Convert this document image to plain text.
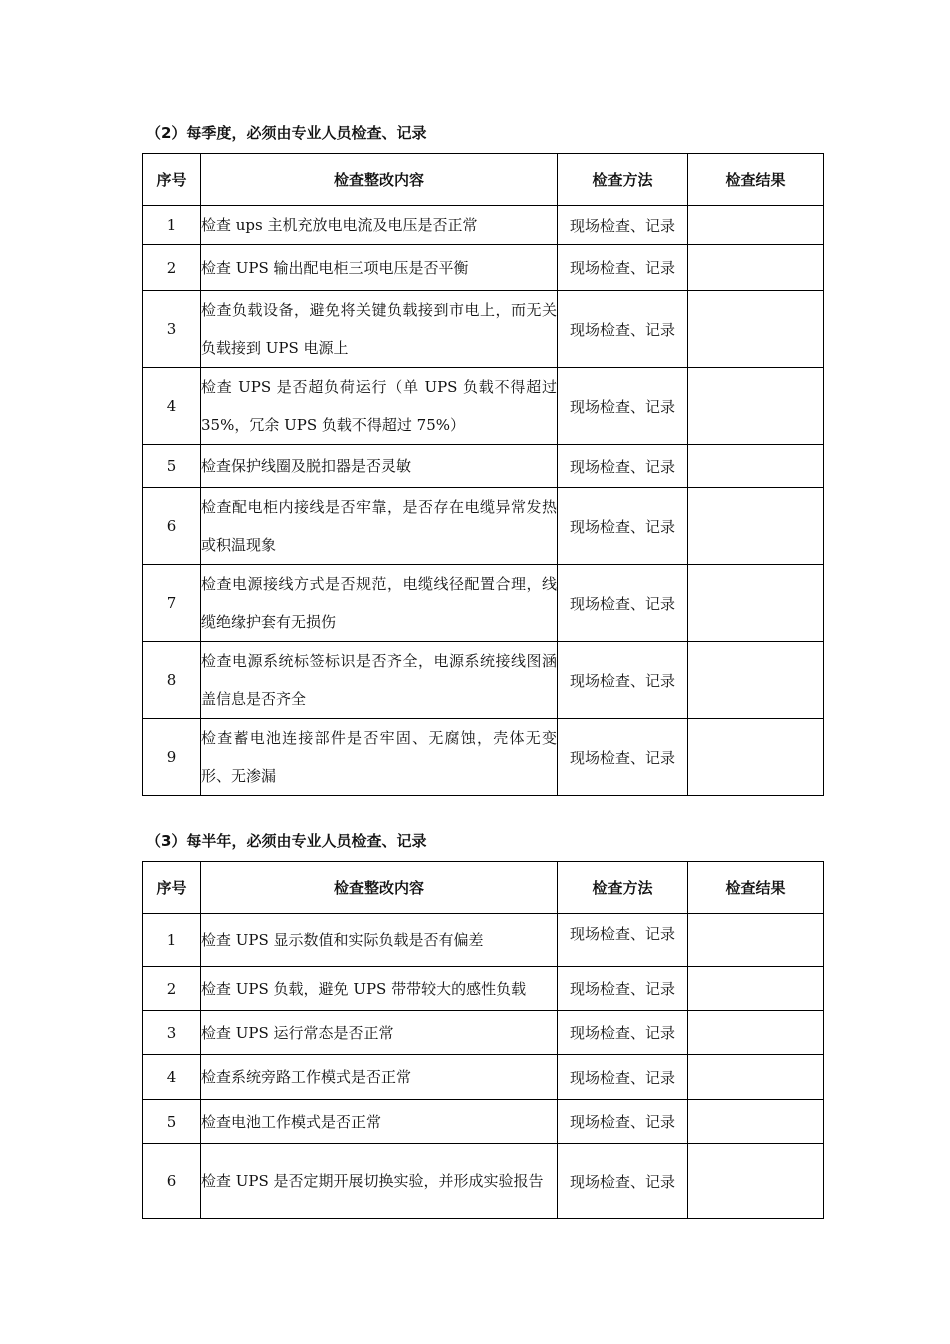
（2）每季度，必须由专业人员检查、记录
序号	检查整改内容	检查方法	检查结果
1	检查 ups 主机充放电电流及电压是否正常	现场检查、记录	
2	检查 UPS 输出配电柜三项电压是否平衡	现场检查、记录	
3	检查负载设备，避免将关键负载接到市电上，而无关负载接到 UPS 电源上	现场检查、记录	
4	检查 UPS 是否超负荷运行（单 UPS 负载不得超过 35%，冗余 UPS 负载不得超过 75%）	现场检查、记录	
5	检查保护线圈及脱扣器是否灵敏	现场检查、记录	
6	检查配电柜内接线是否牢靠，是否存在电缆异常发热或积温现象	现场检查、记录	
7	检查电源接线方式是否规范，电缆线径配置合理，线缆绝缘护套有无损伤	现场检查、记录	
8	检查电源系统标签标识是否齐全，电源系统接线图涵盖信息是否齐全	现场检查、记录	
9	检查蓄电池连接部件是否牢固、无腐蚀，壳体无变形、无渗漏	现场检查、记录	
（3）每半年，必须由专业人员检查、记录
序号	检查整改内容	检查方法	检查结果
1	检查 UPS 显示数值和实际负载是否有偏差	现场检查、记录	
2	检查 UPS 负载，避免 UPS 带带较大的感性负载	现场检查、记录	
3	检查 UPS 运行常态是否正常	现场检查、记录	
4	检查系统旁路工作模式是否正常	现场检查、记录	
5	检查电池工作模式是否正常	现场检查、记录	
6	检查 UPS 是否定期开展切换实验，并形成实验报告	现场检查、记录	
